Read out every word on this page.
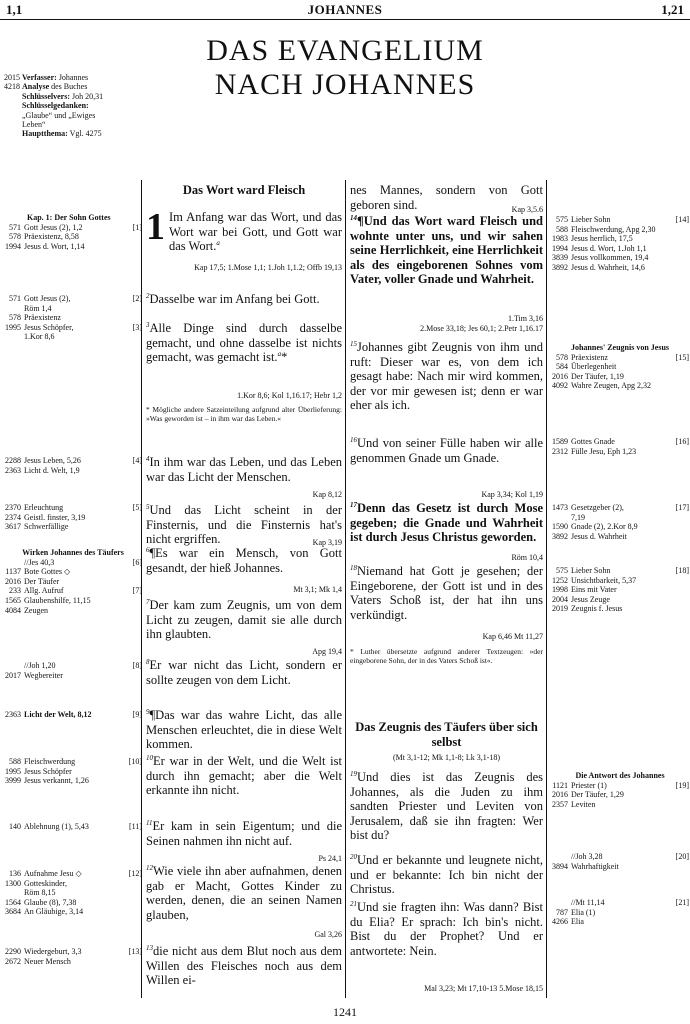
1,1	JOHANNES	1,21
DAS EVANGELIUM
NACH JOHANNES
2015 Verfasser: Johannes
4218 Analyse des Buches
Schlüsselvers: Joh 20,31
Schlüsselgedanken:
„Glaube“ und „Ewiges
Leben“
Hauptthema: Vgl. 4275
Kap. 1: Der Sohn Gottes
571 Gott Jesus (2), 1,2	[1]
578 Präexistenz, 8,58
1994 Jesus d. Wort, 1,14
571 Gott Jesus (2),	[2]
Röm 1,4
578 Präexistenz
1995 Jesus Schöpfer,	[3]
1.Kor 8,6
2288 Jesus Leben, 5,26	[4]
2363 Licht d. Welt, 1,9
2370 Erleuchtung	[5]
2374 Geistl. finster, 3,19
3617 Schwerfällige
Wirken Johannes des Täufers
//Jes 40,3	[6]
1137 Bote Gottes ◇
2016 Der Täufer
233 Allg. Aufruf	[7]
1565 Glaubenshilfe, 11,15
4084 Zeugen
//Joh 1,20	[8]
2017 Wegbereiter
2363 Licht der Welt, 8,12	[9]
588 Fleischwerdung	[10]
1995 Jesus Schöpfer
3999 Jesus verkannt, 1,26
140 Ablehnung (1), 5,43	[11]
136 Aufnahme Jesu ◇	[12]
1300 Gotteskinder,
Röm 8,15
1564 Glaube (8), 7,38
3684 An Gläubige, 3,14
2290 Wiedergeburt, 3,3	[13]
2672 Neuer Mensch
575 Lieber Sohn	[14]
588 Fleischwerdung, Apg 2,30
1983 Jesus herrlich, 17,5
1994 Jesus d. Wort, 1.Joh 1,1
3839 Jesus vollkommen, 19,4
3892 Jesus d. Wahrheit, 14,6
Johannes' Zeugnis von Jesus
578 Präexistenz	[15]
584 Überlegenheit
2016 Der Täufer, 1,19
4092 Wahre Zeugen, Apg 2,32
1589 Gottes Gnade	[16]
2312 Fülle Jesu, Eph 1,23
1473 Gesetzgeber (2),	[17]
7,19
1590 Gnade (2), 2.Kor 8,9
3892 Jesus d. Wahrheit
575 Lieber Sohn	[18]
1252 Unsichtbarkeit, 5,37
1998 Eins mit Vater
2004 Jesus Zeuge
2019 Zeugnis f. Jesus
Die Antwort des Johannes
1121 Priester (1)	[19]
2016 Der Täufer, 1,29
2357 Leviten
//Joh 3,28	[20]
3894 Wahrhaftigkeit
//Mt 11,14	[21]
787 Elia (1)
4266 Elia
Das Wort ward Fleisch
1 Im Anfang war das Wort, und das Wort war bei Gott, und Gott war das Wort.$^a$
Kap 17,5; 1.Mose 1,1; 1.Joh 1,1.2; Offb 19,13
$^2$Dasselbe war im Anfang bei Gott.
$^3$Alle Dinge sind durch dasselbe gemacht, und ohne dasselbe ist nichts gemacht, was gemacht ist.$^a$*
1.Kor 8,6; Kol 1,16.17; Hebr 1,2
* Mögliche andere Satzeinteilung aufgrund alter Überlieferung: »Was geworden ist – in ihm war das Leben.«
$^4$In ihm war das Leben, und das Leben war das Licht der Menschen.
Kap 8,12
$^5$Und das Licht scheint in der Finsternis, und die Finsternis hat's nicht ergriffen.	Kap 3,19
$^6$¶Es war ein Mensch, von Gott gesandt, der hieß Johannes.
Mt 3,1; Mk 1,4
$^7$Der kam zum Zeugnis, um von dem Licht zu zeugen, damit sie alle durch ihn glaubten.
Apg 19,4
$^8$Er war nicht das Licht, sondern er sollte zeugen von dem Licht.
$^9$¶Das war das wahre Licht, das alle Menschen erleuchtet, die in diese Welt kommen.
$^{10}$Er war in der Welt, und die Welt ist durch ihn gemacht; aber die Welt erkannte ihn nicht.
$^{11}$Er kam in sein Eigentum; und die Seinen nahmen ihn nicht auf.
Ps 24,1
$^{12}$Wie viele ihn aber aufnahmen, denen gab er Macht, Gottes Kinder zu werden, denen, die an seinen Namen glauben,
Gal 3,26
$^{13}$die nicht aus dem Blut noch aus dem Willen des Fleisches noch aus dem Willen ei-
nes Mannes, sondern von Gott geboren sind.	Kap 3,5.6
$^{14}$¶Und das Wort ward Fleisch und wohnte unter uns, und wir sahen seine Herrlichkeit, eine Herrlichkeit als des eingeborenen Sohnes vom Vater, voller Gnade und Wahrheit.
1.Tim 3,16
2.Mose 33,18; Jes 60,1; 2.Petr 1,16.17
$^{15}$Johannes gibt Zeugnis von ihm und ruft: Dieser war es, von dem ich gesagt habe: Nach mir wird kommen, der vor mir gewesen ist; denn er war eher als ich.
$^{16}$Und von seiner Fülle haben wir alle genommen Gnade um Gnade.
Kap 3,34; Kol 1,19
$^{17}$Denn das Gesetz ist durch Mose gegeben; die Gnade und Wahrheit ist durch Jesus Christus geworden.
Röm 10,4
$^{18}$Niemand hat Gott je gesehen; der Eingeborene, der Gott ist und in des Vaters Schoß ist, der hat ihn uns verkündigt.
Kap 6,46 Mt 11,27
* Luther übersetzte aufgrund anderer Textzeugen: »der eingeborene Sohn, der in des Vaters Schoß ist«.
Das Zeugnis des Täufers über sich selbst
(Mt 3,1-12; Mk 1,1-8; Lk 3,1-18)
$^{19}$Und dies ist das Zeugnis des Johannes, als die Juden zu ihm sandten Priester und Leviten von Jerusalem, daß sie ihn fragten: Wer bist du?
$^{20}$Und er bekannte und leugnete nicht, und er bekannte: Ich bin nicht der Christus.
$^{21}$Und sie fragten ihn: Was dann? Bist du Elia? Er sprach: Ich bin's nicht. Bist du der Prophet? Und er antwortete: Nein.
Mal 3,23; Mt 17,10-13 5.Mose 18,15
1241
